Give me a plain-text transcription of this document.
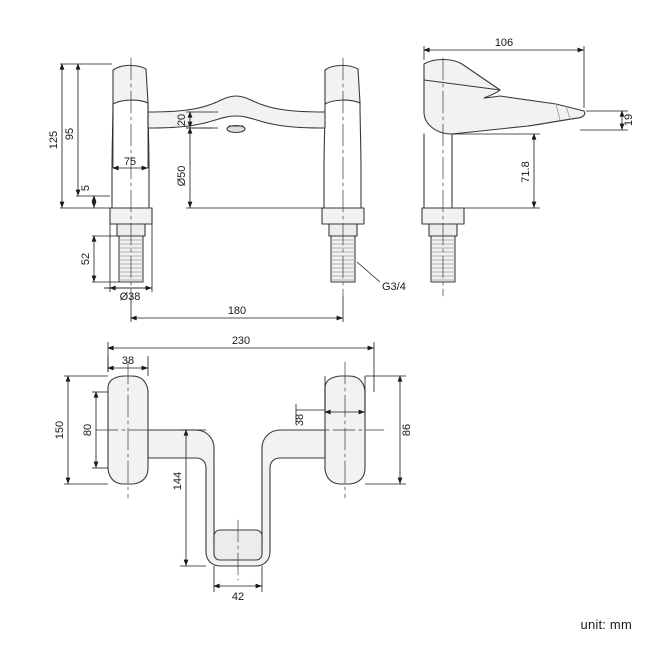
125 95
5
52
75
20
Ø50
Ø38
180
G3/4
106
19
71.8
230
38
38
80	86
150
144
42
unit: mm
